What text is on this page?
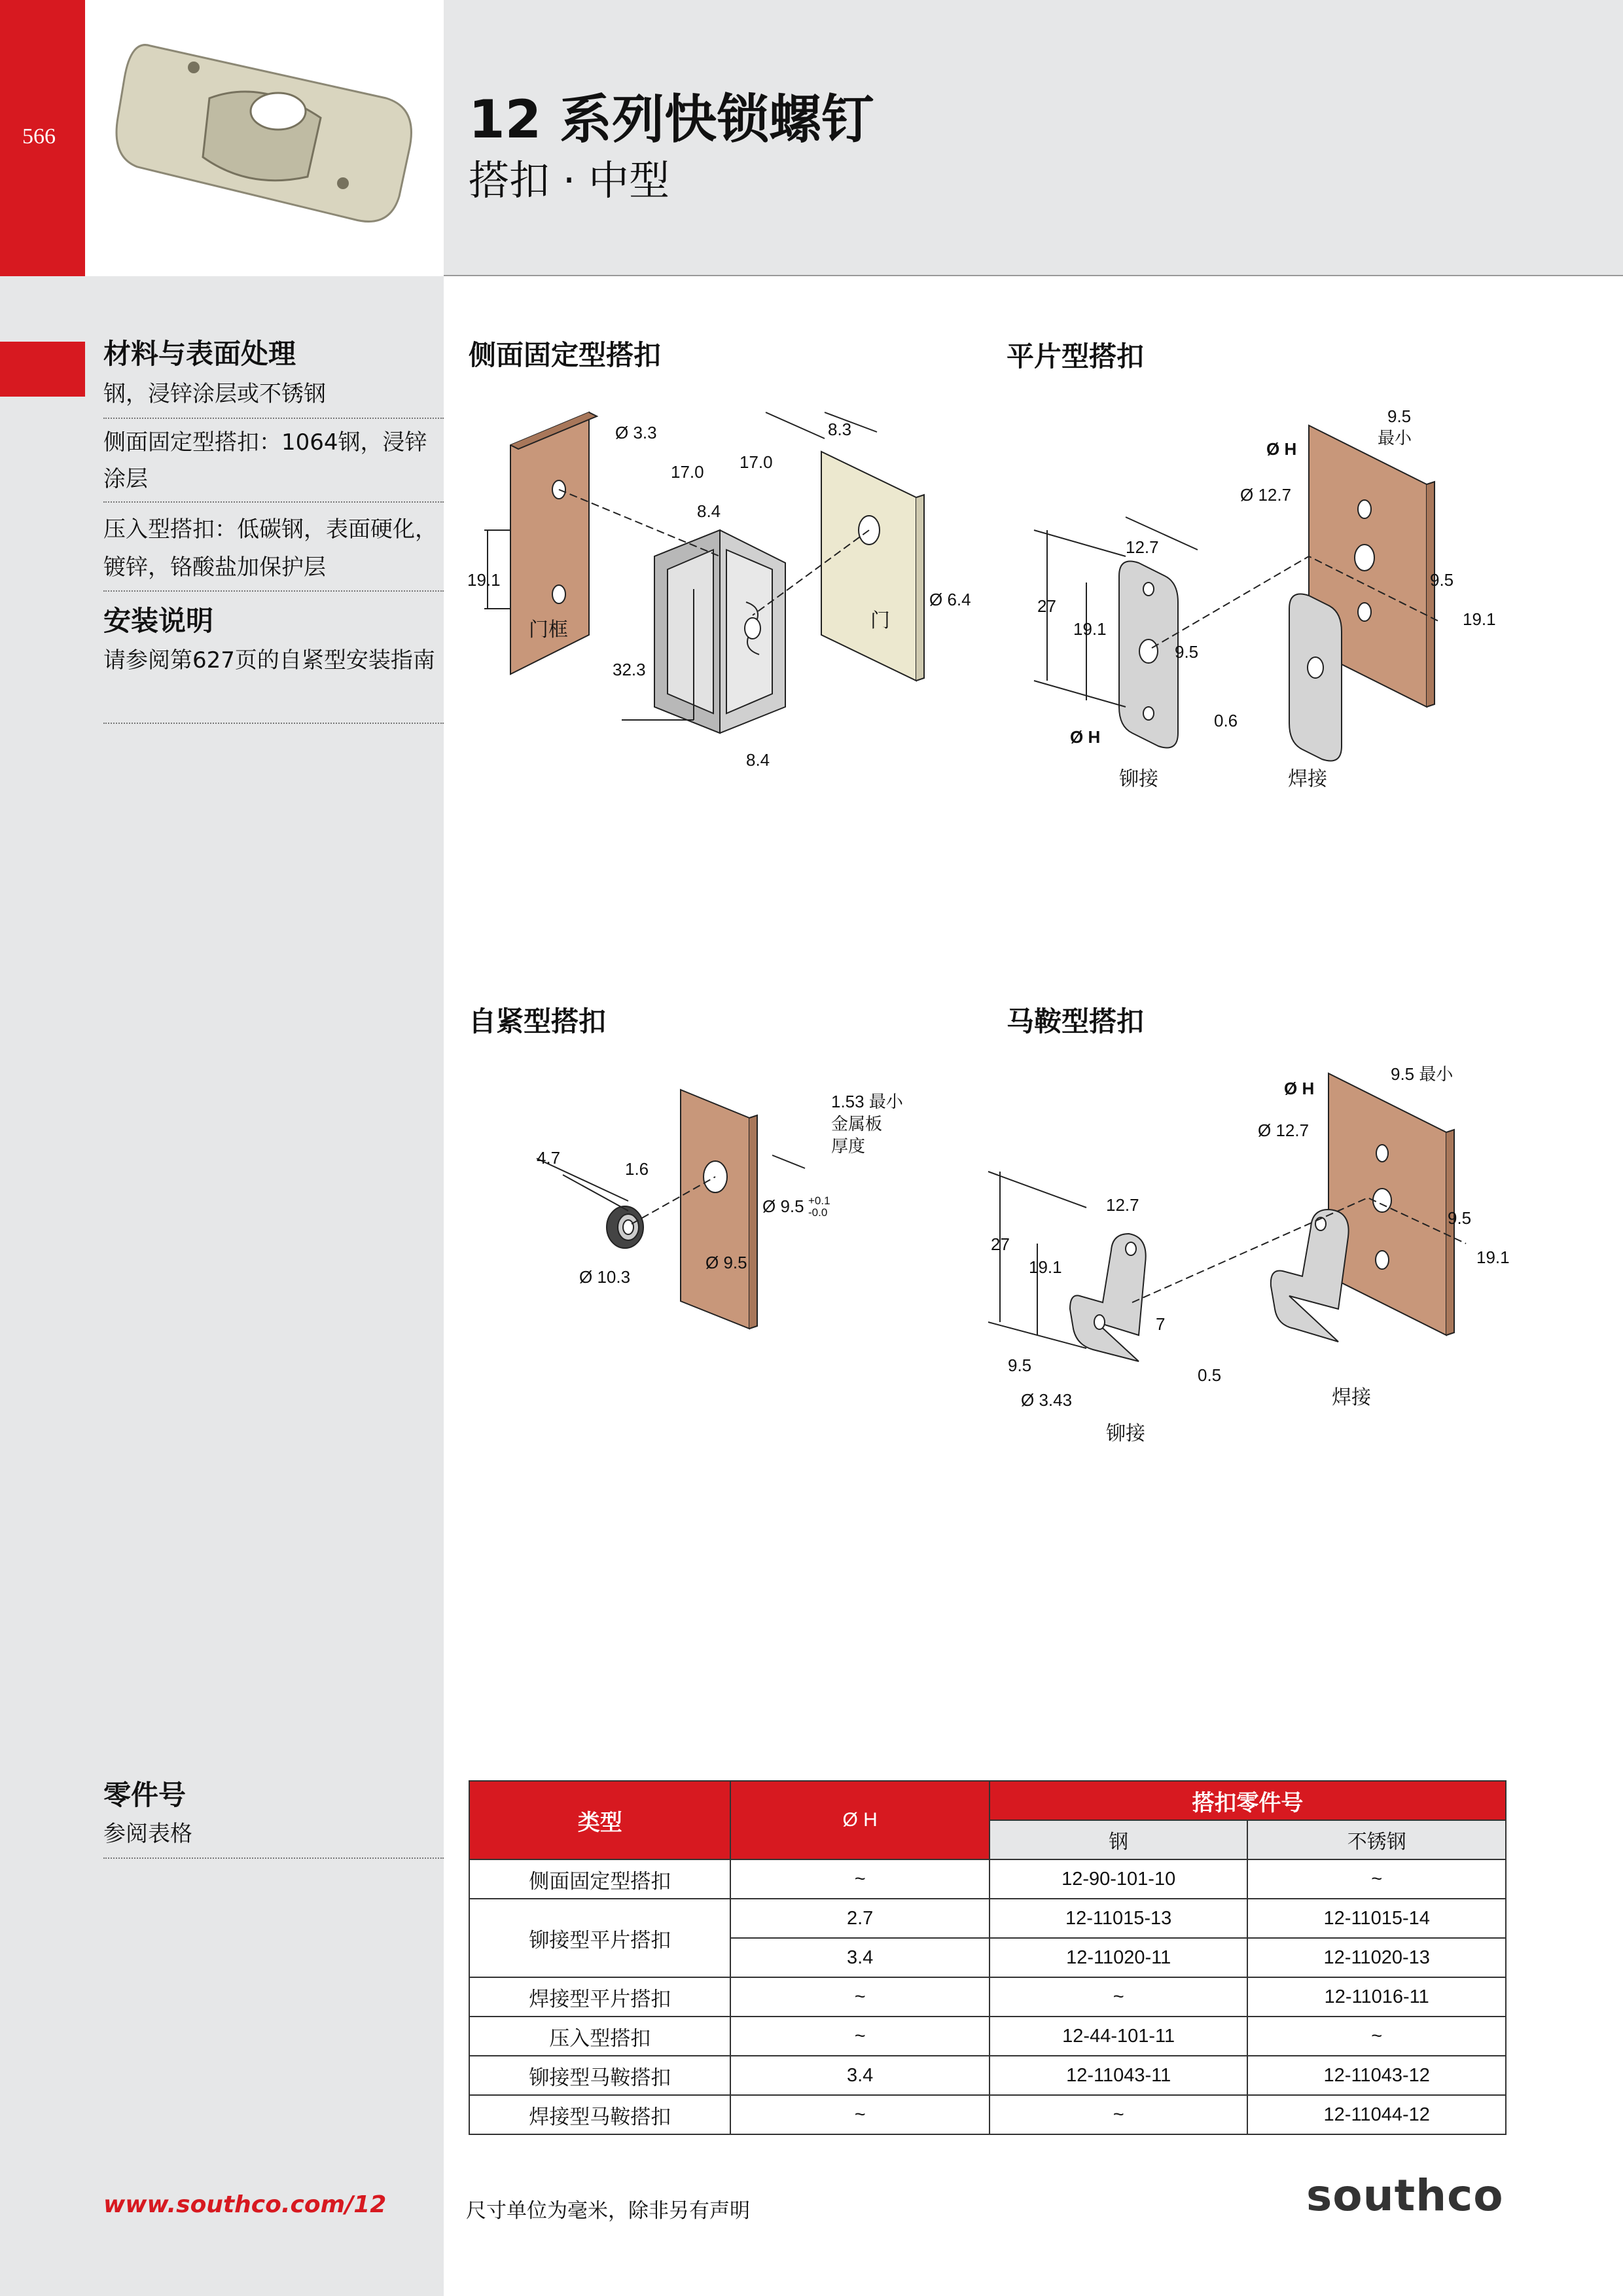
566	12 系列快锁螺钉
搭扣 · 中型
材料与表面处理
钢，浸锌涂层或不锈钢
侧面固定型搭扣：1064钢，浸锌涂层
压入型搭扣：低碳钢，表面硬化，镀锌，铬酸盐加保护层
安装说明
请参阅第627页的自紧型安装指南
零件号
参阅表格
侧面固定型搭扣	平片型搭扣
自紧型搭扣	马鞍型搭扣
Ø 3.3
17.0 17.0
8.3
8.4
19.1
32.3
8.4
Ø 6.4
门框	门
9.5
最小
Ø H
Ø 12.7
12.7
27
19.1
9.5
9.5
19.1
Ø H
0.6
铆接	焊接
1.53 最小
金属板
厚度
4.7
1.6
Ø 9.5 +0.1
-0.0
Ø 9.5
Ø 10.3
9.5 最小
Ø H
Ø 12.7
12.7
27
19.1
9.5
19.1
7
9.5	0.5
Ø 3.43
铆接
焊接
类型	Ø H	搭扣零件号	
		钢	不锈钢
侧面固定型搭扣	~	12-90-101-10	~
铆接型平片搭扣	2.7	12-11015-13	12-11015-14
	3.4	12-11020-11	12-11020-13
焊接型平片搭扣	~	~	12-11016-11
压入型搭扣	~	12-44-101-11	~
铆接型马鞍搭扣	3.4	12-11043-11	12-11043-12
焊接型马鞍搭扣	~	~	12-11044-12
www.southco.com/12	尺寸单位为毫米，除非另有声明	southco
